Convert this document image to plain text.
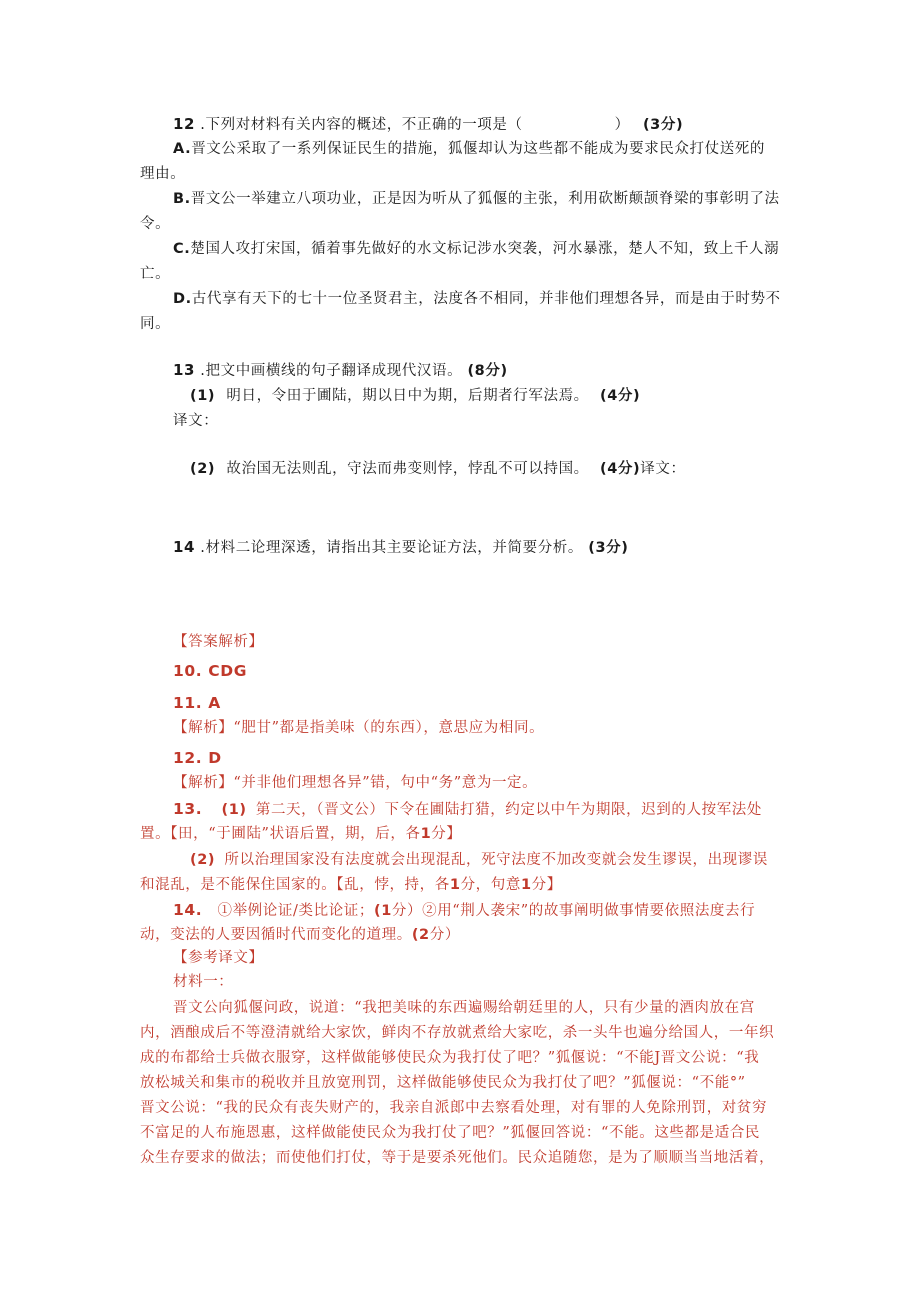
12 .下列对材料有关内容的概述，不正确的一项是（	） (3分)
A.晋文公采取了一系列保证民生的措施，狐偃却认为这些都不能成为要求民众打仗送死的
理由。
B.晋文公一举建立八项功业，正是因为听从了狐偃的主张，利用砍断颠颉脊梁的事彰明了法
令。
C.楚国人攻打宋国，循着事先做好的水文标记涉水突袭，河水暴涨，楚人不知，致上千人溺
亡。
D.古代享有天下的七十一位圣贤君主，法度各不相同，并非他们理想各异，而是由于时势不
同。
13 .把文中画横线的句子翻译成现代汉语。 (8分)
(1) 明日，令田于圃陆，期以日中为期，后期者行军法焉。 (4分)
译文：
(2) 故治国无法则乱，守法而弗变则悖，悖乱不可以持国。 (4分)译文：
14 .材料二论理深透，请指出其主要论证方法，并简要分析。 (3分)
【答案解析】
10. CDG
11. A
【解析】“肥甘”都是指美味（的东西），意思应为相同。
12. D
【解析】“并非他们理想各异”错，句中“务”意为一定。
13. (1) 第二天，（晋文公）下令在圃陆打猎，约定以中午为期限，迟到的人按军法处
置。【田，“于圃陆”状语后置，期，后，各1分】
(2) 所以治理国家没有法度就会出现混乱，死守法度不加改变就会发生谬误，出现谬误
和混乱，是不能保住国家的。【乱，悖，持，各1分，句意1分】
14. ①举例论证/类比论证；(1分）②用“荆人袭宋”的故事阐明做事情要依照法度去行
动，变法的人要因循时代而变化的道理。(2分）
【参考译文】
材料一：
晋文公向狐偃问政，说道：“我把美味的东西遍赐给朝廷里的人，只有少量的酒肉放在宫
内，酒酿成后不等澄清就给大家饮，鲜肉不存放就煮给大家吃，杀一头牛也遍分给国人，一年织
成的布都给士兵做衣服穿，这样做能够使民众为我打仗了吧？”狐偃说：“不能J晋文公说：“我
放松城关和集市的税收并且放宽刑罚，这样做能够使民众为我打仗了吧？”狐偃说：“不能°”
晋文公说：“我的民众有丧失财产的，我亲自派郎中去察看处理，对有罪的人免除刑罚，对贫穷
不富足的人布施恩惠，这样做能使民众为我打仗了吧？”狐偃回答说：“不能。这些都是适合民
众生存要求的做法；而使他们打仗，等于是要杀死他们。民众追随您，是为了顺顺当当地活着，
